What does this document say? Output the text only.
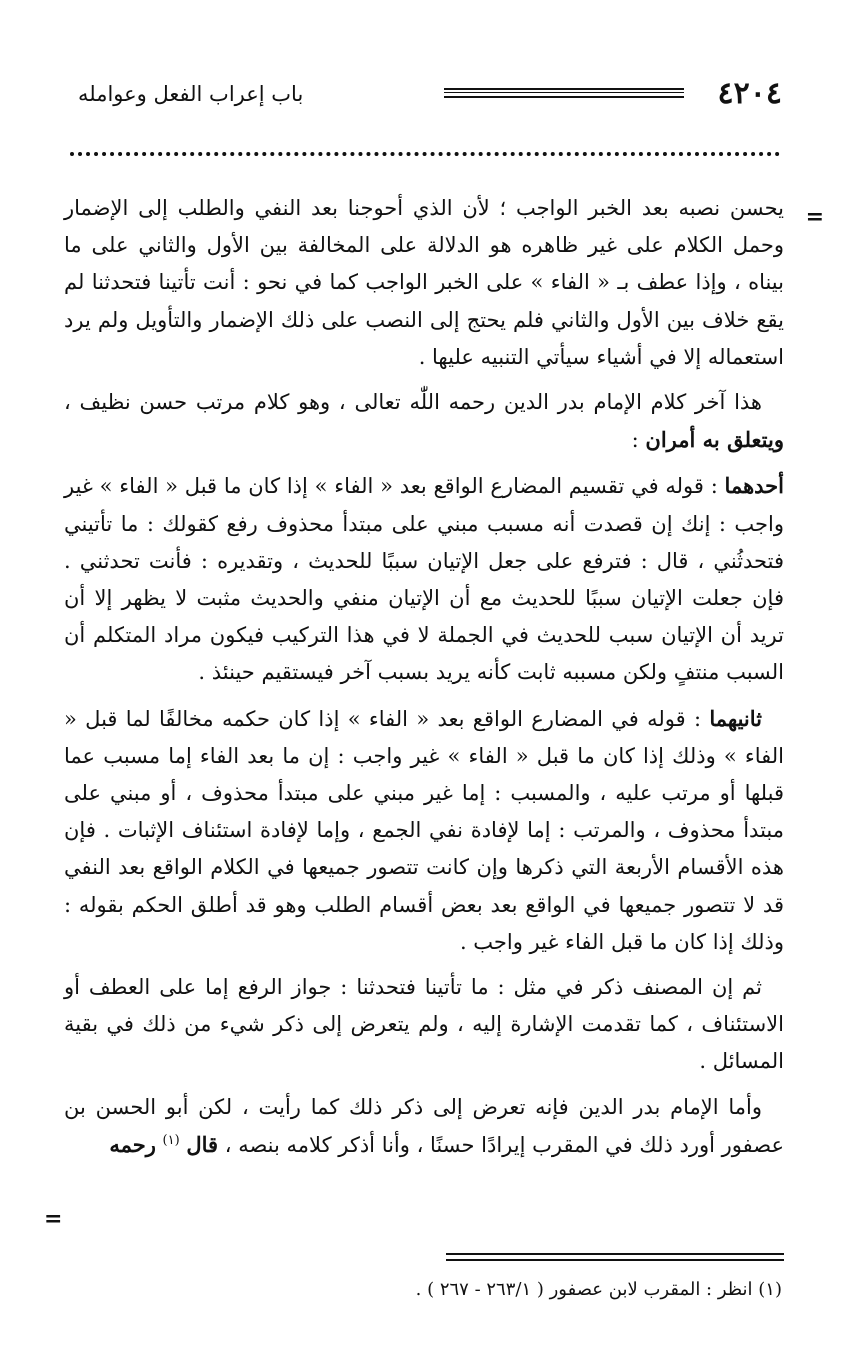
٤٢٠٤
باب إعراب الفعل وعوامله
=

يحسن نصبه بعد الخبر الواجب ؛ لأن الذي أحوجنا بعد النفي والطلب إلى الإضمار وحمل الكلام على غير ظاهره هو الدلالة على المخالفة بين الأول والثاني على ما بيناه ، وإذا عطف بـ « الفاء » على الخبر الواجب كما في نحو : أنت تأتينا فتحدثنا لم يقع خلاف بين الأول والثاني فلم يحتج إلى النصب على ذلك الإضمار والتأويل ولم يرد استعماله إلا في أشياء سيأتي التنبيه عليها .

هذا آخر كلام الإمام بدر الدين رحمه اللّٰه تعالى ، وهو كلام مرتب حسن نظيف ، ويتعلق به أمران :

أحدهما : قوله في تقسيم المضارع الواقع بعد « الفاء » إذا كان ما قبل « الفاء » غير واجب : إنك إن قصدت أنه مسبب مبني على مبتدأ محذوف رفع كقولك : ما تأتيني فتحدثُني ، قال : فترفع على جعل الإتيان سببًا للحديث ، وتقديره : فأنت تحدثني . فإن جعلت الإتيان سببًا للحديث مع أن الإتيان منفي والحديث مثبت لا يظهر إلا أن تريد أن الإتيان سبب للحديث في الجملة لا في هذا التركيب فيكون مراد المتكلم أن السبب منتفٍ ولكن مسببه ثابت كأنه يريد بسبب آخر فيستقيم حينئذ .

ثانيهما : قوله في المضارع الواقع بعد « الفاء » إذا كان حكمه مخالفًا لما قبل « الفاء » وذلك إذا كان ما قبل « الفاء » غير واجب : إن ما بعد الفاء إما مسبب عما قبلها أو مرتب عليه ، والمسبب : إما غير مبني على مبتدأ محذوف ، أو مبني على مبتدأ محذوف ، والمرتب : إما لإفادة نفي الجمع ، وإما لإفادة استئناف الإثبات . فإن هذه الأقسام الأربعة التي ذكرها وإن كانت تتصور جميعها في الكلام الواقع بعد النفي قد لا تتصور جميعها في الواقع بعد بعض أقسام الطلب وهو قد أطلق الحكم بقوله : وذلك إذا كان ما قبل الفاء غير واجب .

ثم إن المصنف ذكر في مثل : ما تأتينا فتحدثنا : جواز الرفع إما على العطف أو الاستئناف ، كما تقدمت الإشارة إليه ، ولم يتعرض إلى ذكر شيء من ذلك في بقية المسائل .

وأما الإمام بدر الدين فإنه تعرض إلى ذكر ذلك كما رأيت ، لكن أبو الحسن بن عصفور أورد ذلك في المقرب إيرادًا حسنًا ، وأنا أذكر كلامه بنصه ، قال $^{(١)}$ رحمه

=
(١) انظر : المقرب لابن عصفور ( ٢٦٣/١ - ٢٦٧ ) .
